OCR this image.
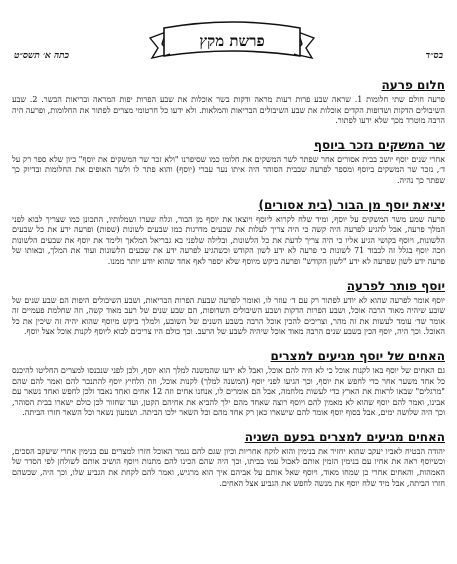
פרשת מקץ
בס״ד
כתה א׳ תשס״ט
חלום פרעה

פרעה חולם שתי חלומות 1. שראה שבע פרות רעות מראה ודקות בשר אוכלות את שבע הפרות יפות המראה ובריאות הבשר. 2. שבע השיבולים הדקות ושדופות הקדים אוכלות את שבע השיבולים הבריאות והמלאות. ולא ידעו כל חרטומי מצרים לפתור את החלומות, ופרעה היה הרבה מוטרד מכך שלא ידעו לפתור.

שר המשקים נזכר ביוסף

אחרי שנים יוסף יושב בבית אסורים אחר שפתר לשר המשקים את חלומו כמו שסיפרנו "ולא זכר שר המשקים את יוסף" כיון שלא ספר רק על ד׳, נזכר שר המשקים ביוסף ומספר לפרעה שבבית הסוהר היה איתו נער עברי (יוסף) והוא פתר לו ולשר האופים את החלומות ובדיוק כך שפתר כך נהיה.

יציאת יוסף מן הבור (בית אסורים)

פרעה שמע משר המשקים על יוסף, ומיד שלח לקרוא ליוסף ויוצאו את יוסף מן הבור, וגלח שערו ושמלותיו, התכונן כמו שצריך לבוא לפני המלך פרעה, אבל להגיע לפרעה היה קשה כי היה צריך לעלות את שבעים מדרגות כמו שבעים לשונות (שפות) ופרעה ידע את כל שבעים הלשונות, ויוסף בקושי הגיע אליו כי היה צריך לדעת את כל הלשונות, ובלילה שלפני בא גבריאל המלאך ולימד את יוסף את שבעים הלשונות וזכה יוסף בגלל זה לכבוד 71 לשונות כי פרעה לא ידע לשון הקודש וכשהגיע לפרעה ידע את שבעים הלשונות ועוד את המלך, ובאותו של פרעה ידע לשון שפרעה לא ידע "לשון הקודש" ופרעה ביקש מיוסף שלא יספר לאף אחד שהוא יודע יותר ממנו.

יוסף פותר לפרעה

יוסף אומר לפרעה שהוא לא יודע לפתור רק עם ד׳ עוזר לו, ואומר לפרעה שבעת הפרות הבריאות, ושבע השיבולים היפות הם שבע שנים של שובע שיהיה מאוד הרבה אוכל, ושבע הפרות הדקות ושבע השיבולים השדופות, הם שבע שנים של רעב מאוד קשה, וזה שחלמת פעמיים זה אומר שד׳ עומד לעשות את זה מהר, וצריכים להכין אוכל הרבה בשבע השנים של השובע, ולמלך ביקש מיוסף שהוא יהיה זה שיכין את כל האוכל. וכך היה, יוסף הכין בשבע שנים הרבה מאוד אוכל שיהיה לשבע של הרעב. וכך כולם היו צריכים לבוא ליוסף לקנות אוכל אצל יוסף.

האחים של יוסף מגיעים למצרים

גם האחים של יוסף באו לקנות אוכל כי לא היה להם אוכל, ואבל לא ידעו שהמשנה למלך הוא יוסף, ולכן לפני שנכנסו למצרים החליטו להיכנס כל אחד משער אחר כדי לחפש את יוסף, וכך הגיעו לפני יוסף (המשנה למלך) לקנות אוכל, וזה הלחיץ יוסף להתנכר להם ואמר להם שהם "מרגלים" שבאו לראות את הארץ כדי לעשות מלחמה, אבל הם אומרים לו, אנחנו אחים וזה 12 אחים ואחד נאבד ולכן לחפש ואחד נשאר עם אבינו, ואמר להם יוסף שהוא לא מאמין להם ויוסף רוצה שאחד מהם ילך להביא את אחיהם הקטן, ועד שחזור לכן כולם ישארו בבית הסוהר, וכך היה שלושה ימים, אבל בסוף יוסף אומר להם שישארו כאן רק אחד מהם וכל השאר ילכו הביתה. ושמעון נשאר וכל השאר חזרו הביתה.

האחים מגיעים למצרים בפעם השניה

יהודה הבטיח לאביו יעקב שהוא יחזיר את בנימין והוא לוקח אחריות וכיון שגם להם נגמר האוכל חזרו למצרים עם בנימין אחרי שיעקב הסכים, וכשיוסף ראה את אחיו עם בנימין הזמין אותם לאכול עמו בביתו, וכך היה שהם הכינו להם מתנות ויוסף הושיב אותם לשולחן לפי הסדר של האמהות, והאחים אחרי כן שמחו מאוד, ויוסף שאל אותם על אביהם איך הוא מרגיש, ואמר להם לקחת את הגביע שלו, וכך היה, שכשהם חזרו הביתה, אבל מיד שלח יוסף את מנשה לחפש את הגביע אצל האחים.
